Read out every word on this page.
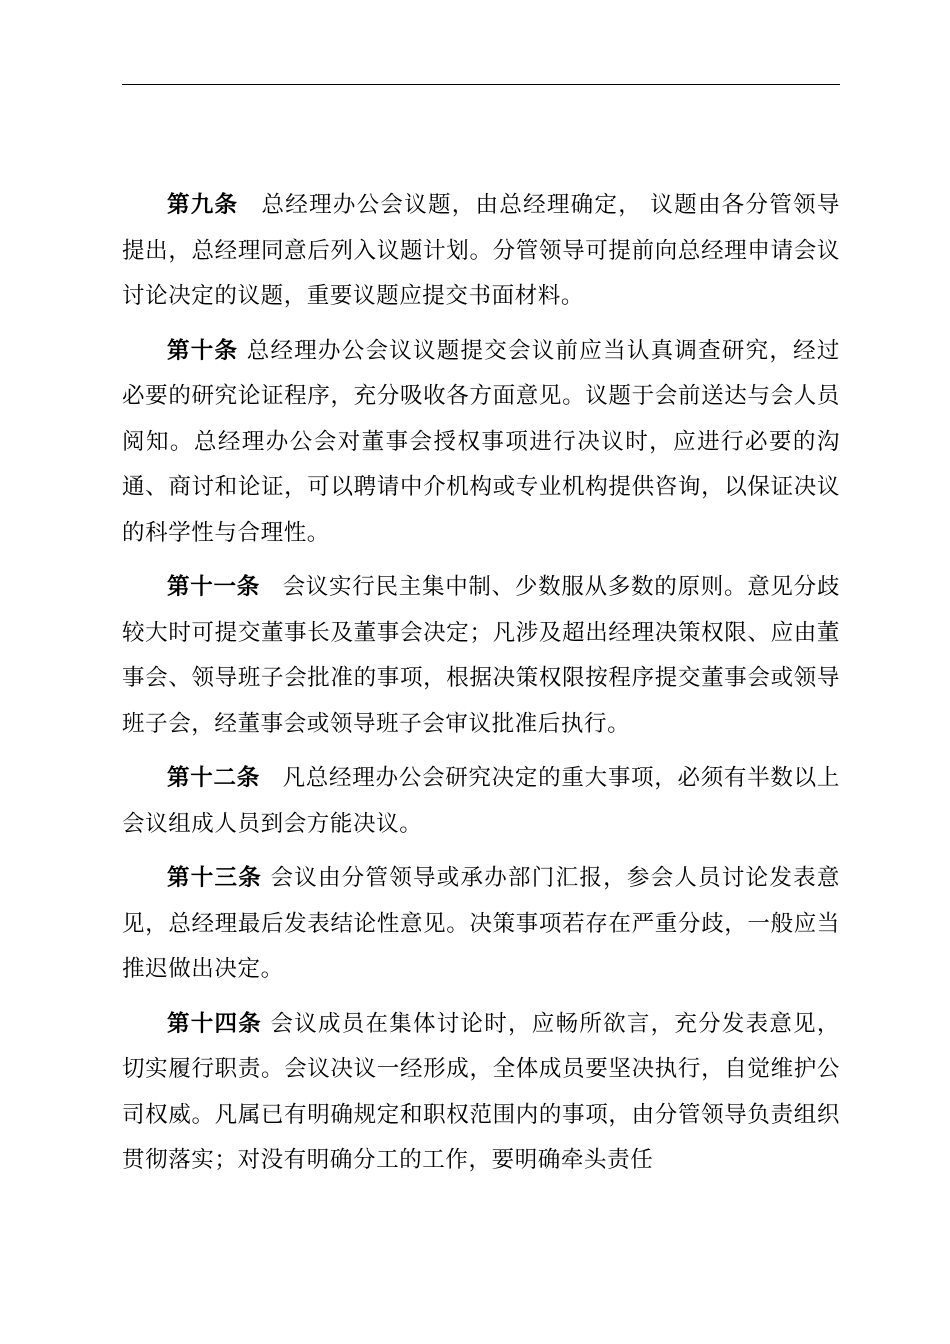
第九条 总经理办公会议题，由总经理确定， 议题由各分管领导提出，总经理同意后列入议题计划。分管领导可提前向总经理申请会议讨论决定的议题，重要议题应提交书面材料。

第十条 总经理办公会议议题提交会议前应当认真调查研究，经过必要的研究论证程序，充分吸收各方面意见。议题于会前送达与会人员阅知。总经理办公会对董事会授权事项进行决议时，应进行必要的沟通、商讨和论证，可以聘请中介机构或专业机构提供咨询，以保证决议的科学性与合理性。

第十一条 会议实行民主集中制、少数服从多数的原则。意见分歧较大时可提交董事长及董事会决定；凡涉及超出经理决策权限、应由董事会、领导班子会批准的事项，根据决策权限按程序提交董事会或领导班子会，经董事会或领导班子会审议批准后执行。

第十二条 凡总经理办公会研究决定的重大事项，必须有半数以上会议组成人员到会方能决议。

第十三条 会议由分管领导或承办部门汇报，参会人员讨论发表意见，总经理最后发表结论性意见。决策事项若存在严重分歧，一般应当推迟做出决定。

第十四条 会议成员在集体讨论时，应畅所欲言，充分发表意见，切实履行职责。会议决议一经形成，全体成员要坚决执行，自觉维护公司权威。凡属已有明确规定和职权范围内的事项，由分管领导负责组织贯彻落实；对没有明确分工的工作，要明确牵头责任
